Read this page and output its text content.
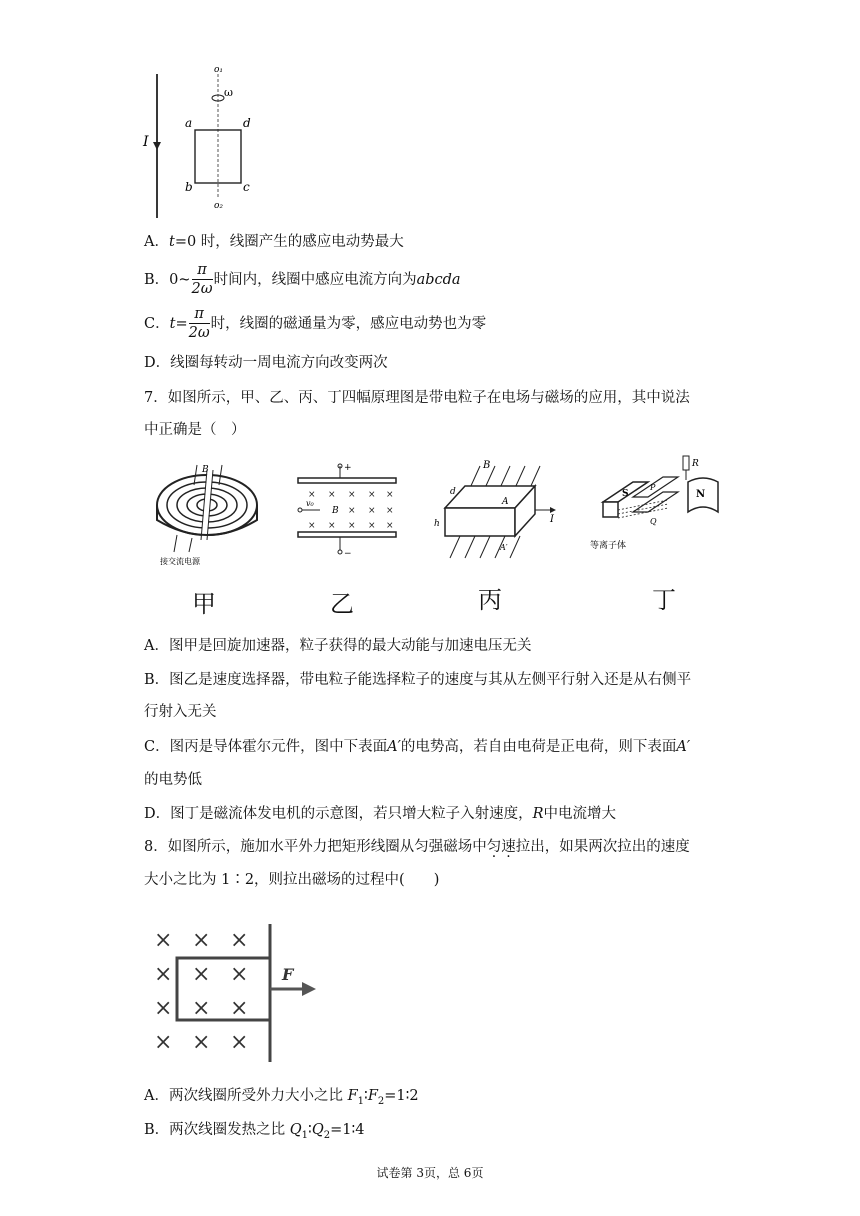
I
o₁
o₂
ω
a	d
b	c
A．t=0 时，线圈产生的感应电动势最大
B．0~ $\frac{\pi}{2\omega}$ 时间内，线圈中感应电流方向为abcda
C．$t= \frac{\pi}{2\omega}$ 时，线圈的磁通量为零，感应电动势也为零
D．线圈每转动一周电流方向改变两次
7．如图所示，甲、乙、丙、丁四幅原理图是带电粒子在电场与磁场的应用，其中说法
中正确是（　）
B
接交流电源
+
−
× × × × ×
× × ×
× × × × ×
v₀
B
I
B
A
A′
d
h
S	N
P
Q
R
等离子体
甲	乙	丙	丁
A．图甲是回旋加速器，粒子获得的最大动能与加速电压无关
B．图乙是速度选择器，带电粒子能选择粒子的速度与其从左侧平行射入还是从右侧平
行射入无关
C．图丙是导体霍尔元件，图中下表面A′的电势高，若自由电荷是正电荷，则下表面A′
的电势低
D．图丁是磁流体发电机的示意图，若只增大粒子入射速度，R中电流增大
8．如图所示，施加水平外力把矩形线圈从匀强磁场中匀速拉出，如果两次拉出的速度
大小之比为 1∶2，则拉出磁场的过程中(　　)
× × ×
× × ×
× × ×
× × ×
F
A．两次线圈所受外力大小之比 $F_1∶F_2=1∶2$
B．两次线圈发热之比 $Q_1∶Q_2=1∶4$
试卷第 3页，总 6页
